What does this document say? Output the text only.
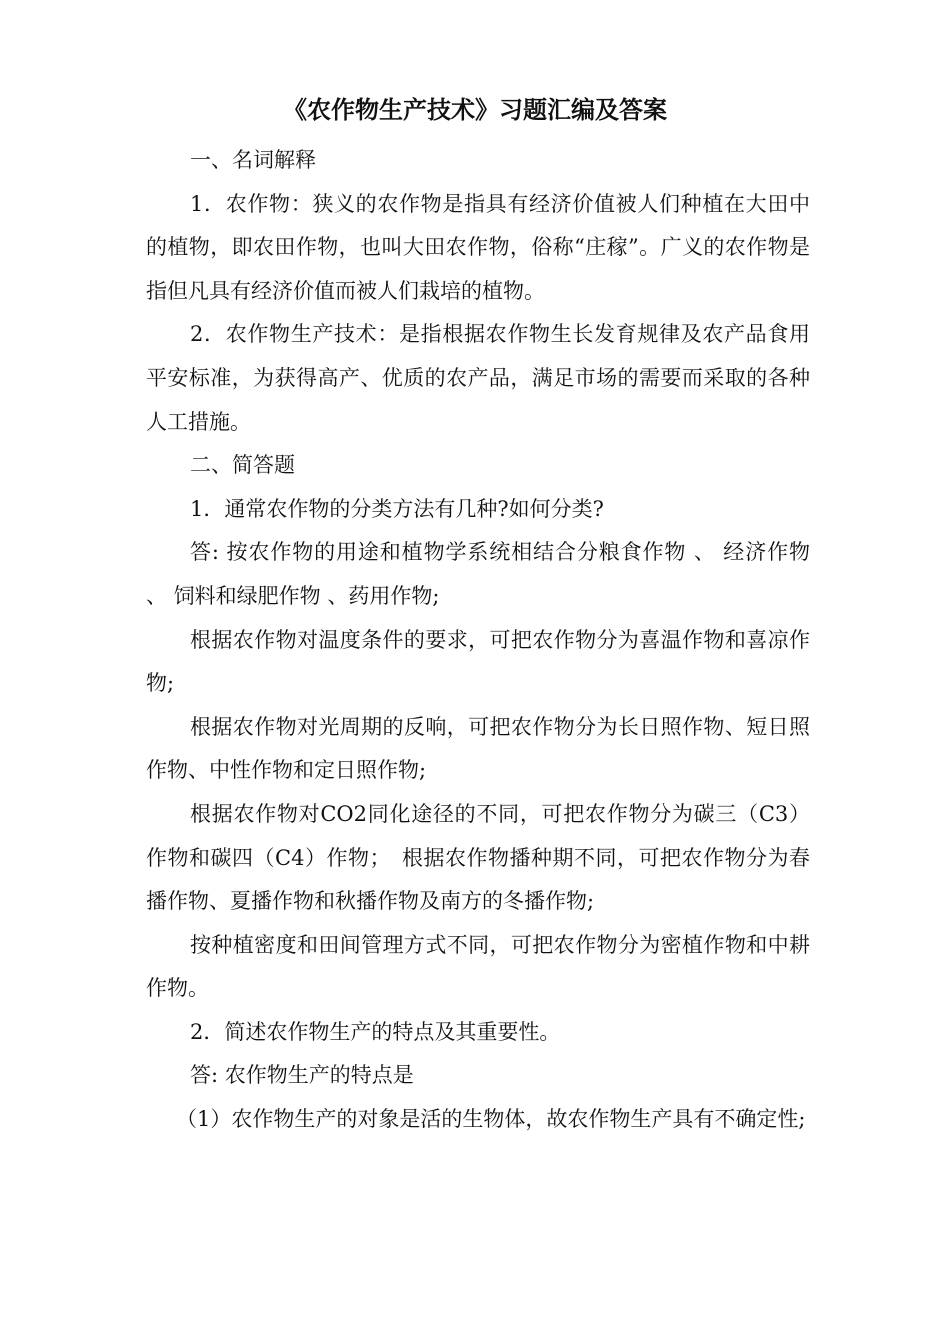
《农作物生产技术》习题汇编及答案

一、名词解释

1．农作物：狭义的农作物是指具有经济价值被人们种植在大田中的植物，即农田作物，也叫大田农作物，俗称“庄稼”。广义的农作物是指但凡具有经济价值而被人们栽培的植物。

2．农作物生产技术：是指根据农作物生长发育规律及农产品食用平安标准，为获得高产、优质的农产品，满足市场的需要而采取的各种人工措施。

二、简答题

1．通常农作物的分类方法有几种?如何分类?

答: 按农作物的用途和植物学系统相结合分粮食作物 、 经济作物 、 饲料和绿肥作物 、药用作物;

根据农作物对温度条件的要求，可把农作物分为喜温作物和喜凉作物;

根据农作物对光周期的反响，可把农作物分为长日照作物、短日照作物、中性作物和定日照作物;

根据农作物对CO2同化途径的不同，可把农作物分为碳三（C3）作物和碳四（C4）作物；　根据农作物播种期不同，可把农作物分为春播作物、夏播作物和秋播作物及南方的冬播作物;

按种植密度和田间管理方式不同，可把农作物分为密植作物和中耕作物。

2．简述农作物生产的特点及其重要性。

答: 农作物生产的特点是

（1）农作物生产的对象是活的生物体，故农作物生产具有不确定性;
